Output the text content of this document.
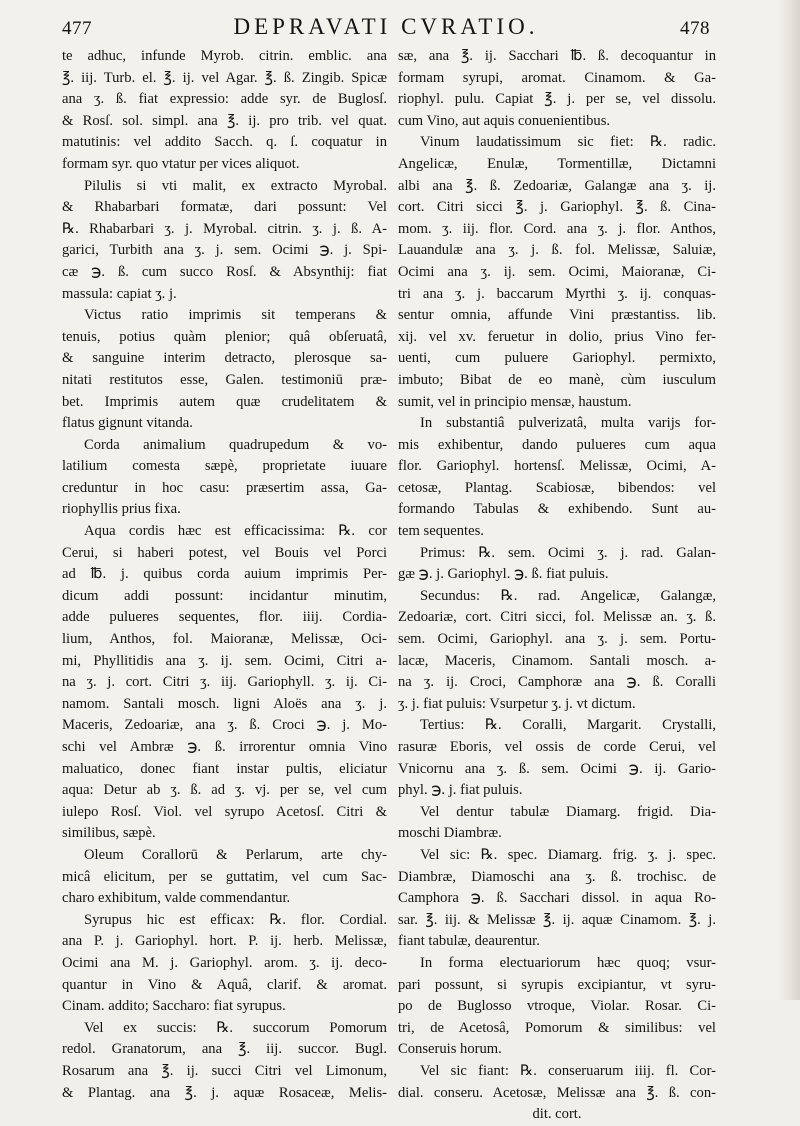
477	DEPRAVATI CVRATIO.	478
te adhuc, infunde Myrob. citrin. emblic. ana
℥. iij. Turb. el. ℥. ij. vel Agar. ℥. ß. Zingib. Spicæ
ana ʒ. ß. fiat expressio: adde syr. de Buglosſ.
& Rosſ. sol. simpl. ana ℥. ij. pro trib. vel quat.
matutinis: vel addito Sacch. q. ſ. coquatur in
formam syr. quo vtatur per vices aliquot.
Pilulis si vti malit, ex extracto Myrobal.
& Rhabarbari formatæ, dari possunt: Vel
℞. Rhabarbari ʒ. j. Myrobal. citrin. ʒ. j. ß. A-
garici, Turbith ana ʒ. j. sem. Ocimi ℈. j. Spi-
cæ ℈. ß. cum succo Rosſ. & Absynthij: fiat
massula: capiat ʒ. j.
Victus ratio imprimis sit temperans &
tenuis, potius quàm plenior; quâ obſeruatâ,
& sanguine interim detracto, plerosque sa-
nitati restitutos esse, Galen. testimoniū præ-
bet. Imprimis autem quæ crudelitatem &
flatus gignunt vitanda.
Corda animalium quadrupedum & vo-
latilium comesta sæpè, proprietate iuuare
creduntur in hoc casu: præsertim assa, Ga-
riophyllis prius fixa.
Aqua cordis hæc est efficacissima: ℞. cor
Cerui, si haberi potest, vel Bouis vel Porci
ad ℔. j. quibus corda auium imprimis Per-
dicum addi possunt: incidantur minutim,
adde pulueres sequentes, flor. iiij. Cordia-
lium, Anthos, fol. Maioranæ, Melissæ, Oci-
mi, Phyllitidis ana ʒ. ij. sem. Ocimi, Citri a-
na ʒ. j. cort. Citri ʒ. iij. Gariophyll. ʒ. ij. Ci-
namom. Santali mosch. ligni Aloës ana ʒ. j.
Maceris, Zedoariæ, ana ʒ. ß. Croci ℈. j. Mo-
schi vel Ambræ ℈. ß. irrorentur omnia Vino
maluatico, donec fiant instar pultis, eliciatur
aqua: Detur ab ʒ. ß. ad ʒ. vj. per se, vel cum
iulepo Rosſ. Viol. vel syrupo Acetosſ. Citri &
similibus, sæpè.
Oleum Corallorū & Perlarum, arte chy-
micâ elicitum, per se guttatim, vel cum Sac-
charo exhibitum, valde commendantur.
Syrupus hic est efficax: ℞. flor. Cordial.
ana P. j. Gariophyl. hort. P. ij. herb. Melissæ,
Ocimi ana M. j. Gariophyl. arom. ʒ. ij. deco-
quantur in Vino & Aquâ, clarif. & aromat.
Cinam. addito; Saccharo: fiat syrupus.
Vel ex succis: ℞. succorum Pomorum
redol. Granatorum, ana ℥. iij. succor. Bugl.
Rosarum ana ℥. ij. succi Citri vel Limonum,
& Plantag. ana ℥. j. aquæ Rosaceæ, Melis-
sæ, ana ℥. ij. Sacchari ℔. ß. decoquantur in
formam syrupi, aromat. Cinamom. & Ga-
riophyl. pulu. Capiat ℥. j. per se, vel dissolu.
cum Vino, aut aquis conuenientibus.
Vinum laudatissimum sic fiet: ℞. radic.
Angelicæ, Enulæ, Tormentillæ, Dictamni
albi ana ℥. ß. Zedoariæ, Galangæ ana ʒ. ij.
cort. Citri sicci ℥. j. Gariophyl. ℥. ß. Cina-
mom. ʒ. iij. flor. Cord. ana ʒ. j. flor. Anthos,
Lauandulæ ana ʒ. j. ß. fol. Melissæ, Saluiæ,
Ocimi ana ʒ. ij. sem. Ocimi, Maioranæ, Ci-
tri ana ʒ. j. baccarum Myrthi ʒ. ij. conquas-
sentur omnia, affunde Vini præstantiss. lib.
xij. vel xv. feruetur in dolio, prius Vino fer-
uenti, cum puluere Gariophyl. permixto,
imbuto; Bibat de eo manè, cùm iusculum
sumit, vel in principio mensæ, haustum.
In substantiâ pulverizatâ, multa varijs for-
mis exhibentur, dando pulueres cum aqua
flor. Gariophyl. hortensſ. Melissæ, Ocimi, A-
cetosæ, Plantag. Scabiosæ, bibendos: vel
formando Tabulas & exhibendo. Sunt au-
tem sequentes.
Primus: ℞. sem. Ocimi ʒ. j. rad. Galan-
gæ ℈. j. Gariophyl. ℈. ß. fiat puluis.
Secundus: ℞. rad. Angelicæ, Galangæ,
Zedoariæ, cort. Citri sicci, fol. Melissæ an. ʒ. ß.
sem. Ocimi, Gariophyl. ana ʒ. j. sem. Portu-
lacæ, Maceris, Cinamom. Santali mosch. a-
na ʒ. ij. Croci, Camphoræ ana ℈. ß. Coralli
ʒ. j. fiat puluis: Vsurpetur ʒ. j. vt dictum.
Tertius: ℞. Coralli, Margarit. Crystalli,
rasuræ Eboris, vel ossis de corde Cerui, vel
Vnicornu ana ʒ. ß. sem. Ocimi ℈. ij. Gario-
phyl. ℈. j. fiat puluis.
Vel dentur tabulæ Diamarg. frigid. Dia-
moschi Diambræ.
Vel sic: ℞. spec. Diamarg. frig. ʒ. j. spec.
Diambræ, Diamoschi ana ʒ. ß. trochisc. de
Camphora ℈. ß. Sacchari dissol. in aqua Ro-
sar. ℥. iij. & Melissæ ℥. ij. aquæ Cinamom. ℥. j.
fiant tabulæ, deaurentur.
In forma electuariorum hæc quoq; vsur-
pari possunt, si syrupis excipiantur, vt syru-
po de Buglosso vtroque, Violar. Rosar. Ci-
tri, de Acetosâ, Pomorum & similibus: vel
Conseruis horum.
Vel sic fiant: ℞. conseruarum iiij. fl. Cor-
dial. conseru. Acetosæ, Melissæ ana ℥. ß. con-
dit. cort.
